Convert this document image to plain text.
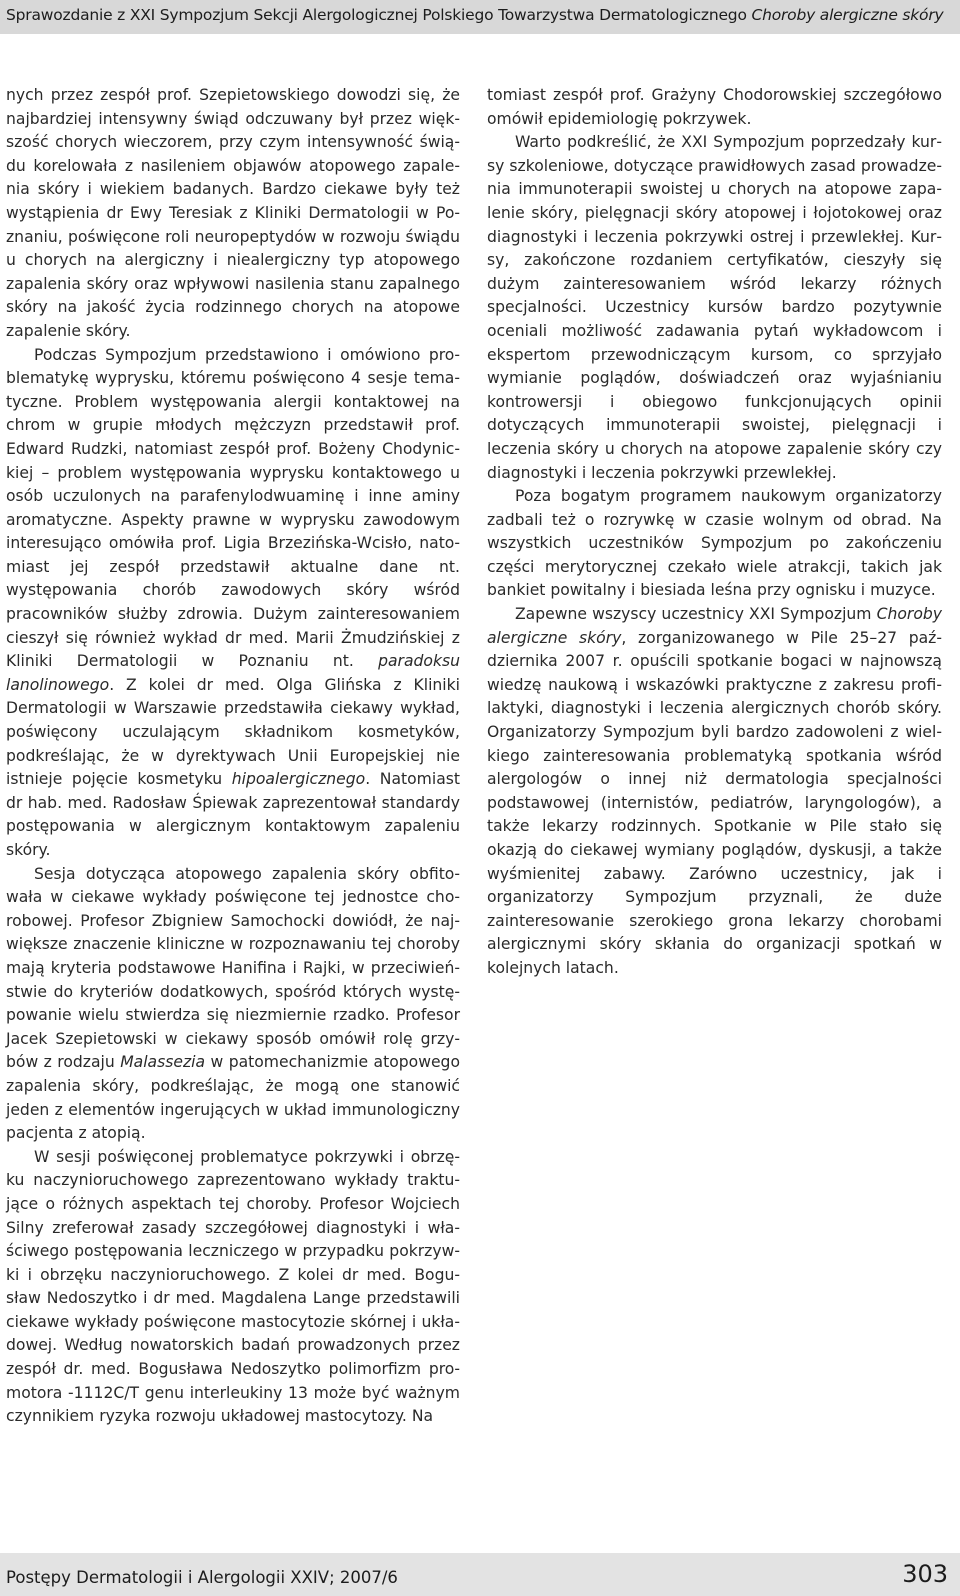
Sprawozdanie z XXI Sympozjum Sekcji Alergologicznej Polskiego Towarzystwa Dermatologicznego Choroby alergiczne skóry

nych przez zespół prof. Szepietowskiego dowodzi się, że najbardziej intensywny świąd odczuwany był przez większość chorych wieczorem, przy czym intensywność świądu korelowała z nasileniem objawów atopowego zapalenia skóry i wiekiem badanych. Bardzo ciekawe były też wystąpienia dr Ewy Teresiak z Kliniki Dermatologii w Poznaniu, poświęcone roli neuropeptydów w rozwoju świądu u chorych na alergiczny i niealergiczny typ atopowego zapalenia skóry oraz wpływowi nasilenia stanu zapalnego skóry na jakość życia rodzinnego chorych na atopowe zapalenie skóry.

Podczas Sympozjum przedstawiono i omówiono problematykę wyprysku, któremu poświęcono 4 sesje tematyczne. Problem występowania alergii kontaktowej na chrom w grupie młodych mężczyzn przedstawił prof. Edward Rudzki, natomiast zespół prof. Bożeny Chodynickiej – problem występowania wyprysku kontaktowego u osób uczulonych na parafenylodwuaminę i inne aminy aromatyczne. Aspekty prawne w wyprysku zawodowym interesująco omówiła prof. Ligia Brzezińska-Wcisło, natomiast jej zespół przedstawił aktualne dane nt. występowania chorób zawodowych skóry wśród pracowników służby zdrowia. Dużym zainteresowaniem cieszył się również wykład dr med. Marii Żmudzińskiej z Kliniki Dermatologii w Poznaniu nt. paradoksu lanolinowego. Z kolei dr med. Olga Glińska z Kliniki Dermatologii w Warszawie przedstawiła ciekawy wykład, poświęcony uczulającym składnikom kosmetyków, podkreślając, że w dyrektywach Unii Europejskiej nie istnieje pojęcie kosmetyku hipoalergicznego. Natomiast dr hab. med. Radosław Śpiewak zaprezentował standardy postępowania w alergicznym kontaktowym zapaleniu skóry.

Sesja dotycząca atopowego zapalenia skóry obfitowała w ciekawe wykłady poświęcone tej jednostce chorobowej. Profesor Zbigniew Samochocki dowiódł, że największe znaczenie kliniczne w rozpoznawaniu tej choroby mają kryteria podstawowe Hanifina i Rajki, w przeciwieństwie do kryteriów dodatkowych, spośród których występowanie wielu stwierdza się niezmiernie rzadko. Profesor Jacek Szepietowski w ciekawy sposób omówił rolę grzybów z rodzaju Malassezia w patomechanizmie atopowego zapalenia skóry, podkreślając, że mogą one stanowić jeden z elementów ingerujących w układ immunologiczny pacjenta z atopią.

W sesji poświęconej problematyce pokrzywki i obrzęku naczynioruchowego zaprezentowano wykłady traktujące o różnych aspektach tej choroby. Profesor Wojciech Silny zreferował zasady szczegółowej diagnostyki i właściwego postępowania leczniczego w przypadku pokrzywki i obrzęku naczynioruchowego. Z kolei dr med. Bogusław Nedoszytko i dr med. Magdalena Lange przedstawili ciekawe wykłady poświęcone mastocytozie skórnej i układowej. Według nowatorskich badań prowadzonych przez zespół dr. med. Bogusława Nedoszytko polimorfizm promotora -1112C/T genu interleukiny 13 może być ważnym czynnikiem ryzyka rozwoju układowej mastocytozy. Na

tomiast zespół prof. Grażyny Chodorowskiej szczegółowo omówił epidemiologię pokrzywek.

Warto podkreślić, że XXI Sympozjum poprzedzały kursy szkoleniowe, dotyczące prawidłowych zasad prowadzenia immunoterapii swoistej u chorych na atopowe zapalenie skóry, pielęgnacji skóry atopowej i łojotokowej oraz diagnostyki i leczenia pokrzywki ostrej i przewlekłej. Kursy, zakończone rozdaniem certyfikatów, cieszyły się dużym zainteresowaniem wśród lekarzy różnych specjalności. Uczestnicy kursów bardzo pozytywnie oceniali możliwość zadawania pytań wykładowcom i ekspertom przewodniczącym kursom, co sprzyjało wymianie poglądów, doświadczeń oraz wyjaśnianiu kontrowersji i obiegowo funkcjonujących opinii dotyczących immunoterapii swoistej, pielęgnacji i leczenia skóry u chorych na atopowe zapalenie skóry czy diagnostyki i leczenia pokrzywki przewlekłej.

Poza bogatym programem naukowym organizatorzy zadbali też o rozrywkę w czasie wolnym od obrad. Na wszystkich uczestników Sympozjum po zakończeniu części merytorycznej czekało wiele atrakcji, takich jak bankiet powitalny i biesiada leśna przy ognisku i muzyce.

Zapewne wszyscy uczestnicy XXI Sympozjum Choroby alergiczne skóry, zorganizowanego w Pile 25–27 października 2007 r. opuścili spotkanie bogaci w najnowszą wiedzę naukową i wskazówki praktyczne z zakresu profilaktyki, diagnostyki i leczenia alergicznych chorób skóry. Organizatorzy Sympozjum byli bardzo zadowoleni z wielkiego zainteresowania problematyką spotkania wśród alergologów o innej niż dermatologia specjalności podstawowej (internistów, pediatrów, laryngologów), a także lekarzy rodzinnych. Spotkanie w Pile stało się okazją do ciekawej wymiany poglądów, dyskusji, a także wyśmienitej zabawy. Zarówno uczestnicy, jak i organizatorzy Sympozjum przyznali, że duże zainteresowanie szerokiego grona lekarzy chorobami alergicznymi skóry skłania do organizacji spotkań w kolejnych latach.

Postępy Dermatologii i Alergologii XXIV; 2007/6	303
